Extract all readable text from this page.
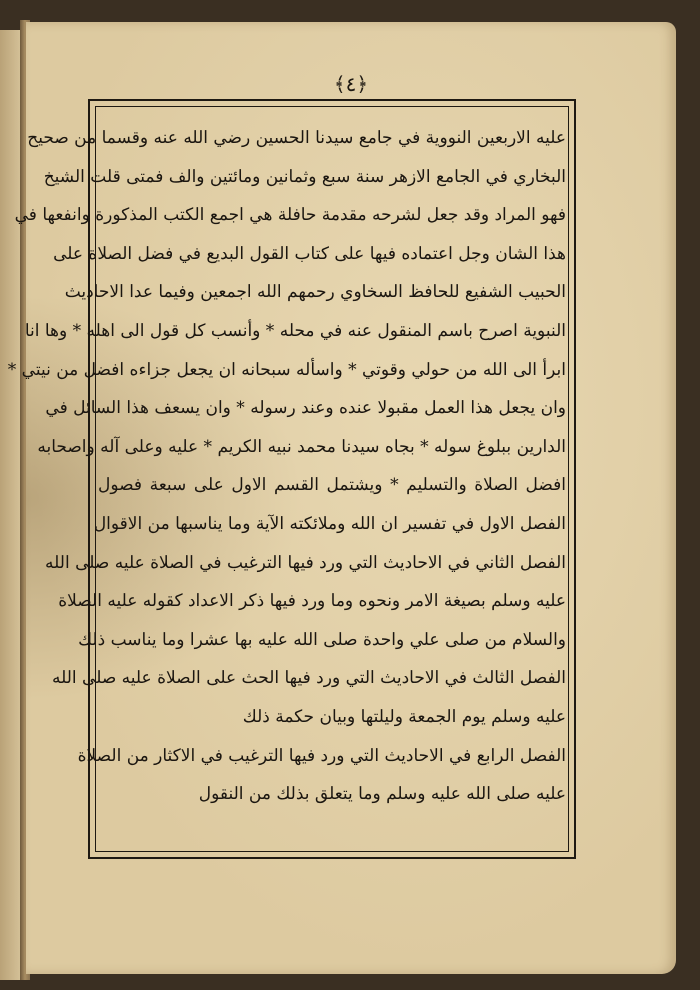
﴿٤﴾
عليه الاربعين النووية في جامع سيدنا الحسين رضي الله عنه وقسما من صحيح
البخاري في الجامع الازهر سنة سبع وثمانين ومائتين والف فمتى قلت الشيخ
فهو المراد وقد جعل لشرحه مقدمة حافلة هي اجمع الكتب المذكورة وانفعها في
هذا الشان وجل اعتماده فيها على كتاب القول البديع في فضل الصلاة على
الحبيب الشفيع للحافظ السخاوي رحمهم الله اجمعين وفيما عدا الاحاديث
النبوية اصرح باسم المنقول عنه في محله * وأنسب كل قول الى اهله * وها انا
ابرأ الى الله من حولي وقوتي * واسأله سبحانه ان يجعل جزاءه افضل من نيتي *
وان يجعل هذا العمل مقبولا عنده وعند رسوله * وان يسعف هذا السائل في
الدارين ببلوغ سوله * بجاه سيدنا محمد نبيه الكريم * عليه وعلى آله واصحابه
افضل الصلاة والتسليم * ويشتمل القسم الاول على سبعة فصول
الفصل الاول في تفسير ان الله وملائكته الآية وما يناسبها من الاقوال
الفصل الثاني في الاحاديث التي ورد فيها الترغيب في الصلاة عليه صلى الله
عليه وسلم بصيغة الامر ونحوه وما ورد فيها ذكر الاعداد كقوله عليه الصلاة
والسلام من صلى علي واحدة صلى الله عليه بها عشرا وما يناسب ذلك
الفصل الثالث في الاحاديث التي ورد فيها الحث على الصلاة عليه صلى الله
عليه وسلم يوم الجمعة وليلتها وبيان حكمة ذلك
الفصل الرابع في الاحاديث التي ورد فيها الترغيب في الاكثار من الصلاة
عليه صلى الله عليه وسلم وما يتعلق بذلك من النقول
